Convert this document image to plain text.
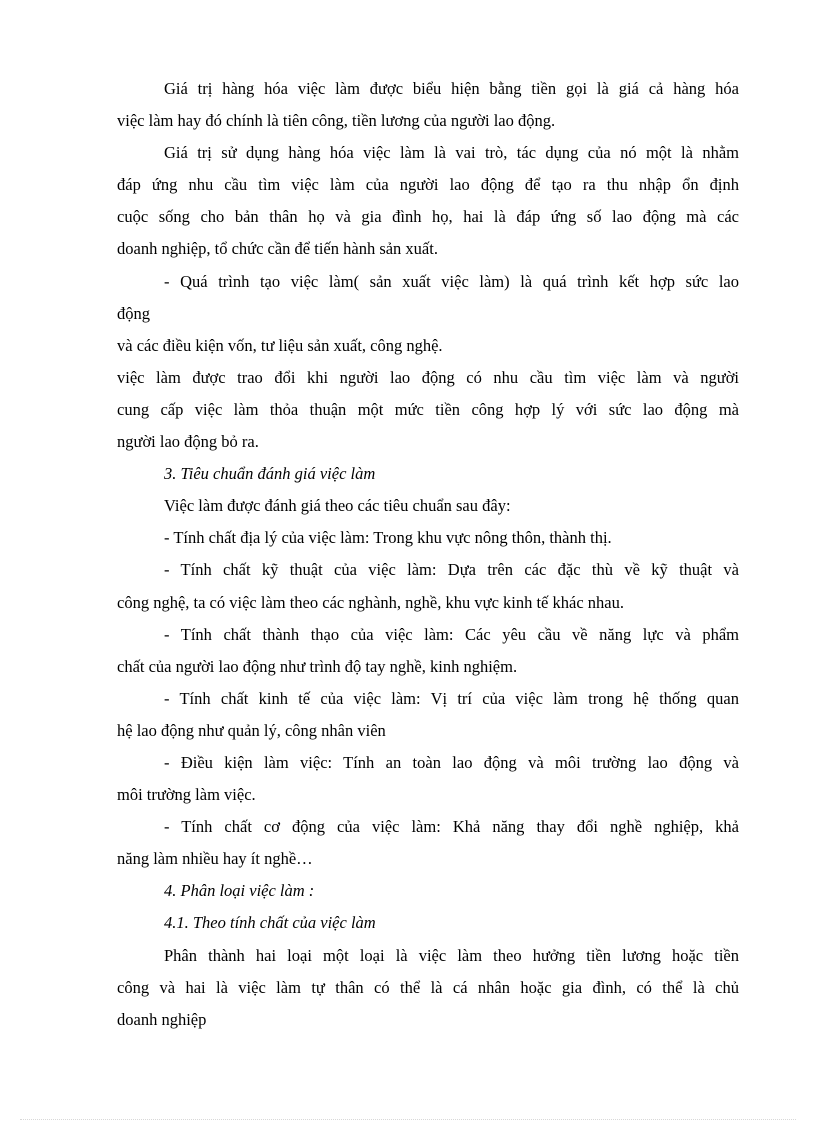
Giá trị hàng hóa việc làm được biểu hiện bằng tiền gọi là giá cả hàng hóa
việc làm hay đó chính là tiên công, tiền lương của người lao động.
Giá trị sử dụng hàng hóa việc làm là vai trò, tác dụng của nó một là nhằm
đáp ứng nhu cầu tìm việc làm của người lao động để tạo ra thu nhập ổn định
cuộc sống cho bản thân họ và gia đình họ, hai là đáp ứng số lao động mà các
doanh nghiệp, tổ chức cần để tiến hành sản xuất.
- Quá trình tạo việc làm( sản xuất việc làm) là quá trình kết hợp sức lao
động
và các điều kiện vốn, tư liệu sản xuất, công nghệ.
việc làm được trao đổi khi người lao động có nhu cầu tìm việc làm và người
cung cấp việc làm thỏa thuận một mức tiền công hợp lý với sức lao động mà
người lao động bỏ ra.
3. Tiêu chuẩn đánh giá việc làm
Việc làm được đánh giá theo các tiêu chuẩn sau đây:
- Tính chất địa lý của việc làm: Trong khu vực nông thôn, thành thị.
- Tính chất kỹ thuật của việc làm: Dựa trên các đặc thù về kỹ thuật và
công nghệ, ta có việc làm theo các nghành, nghề, khu vực kinh tế khác nhau.
- Tính chất thành thạo của việc làm: Các yêu cầu về năng lực và phẩm
chất của người lao động như trình độ tay nghề, kinh nghiệm.
- Tính chất kinh tế của việc làm: Vị trí của việc làm trong hệ thống quan
hệ lao động như quản lý, công nhân viên
- Điều kiện làm việc: Tính an toàn lao động và môi trường lao động và
môi trường làm việc.
- Tính chất cơ động của việc làm: Khả năng thay đổi nghề nghiệp, khả
năng làm nhiều hay ít nghề…
4. Phân loại việc làm :
4.1. Theo tính chất của việc làm
Phân thành hai loại một loại là việc làm theo hưởng tiền lương hoặc tiền
công và hai là việc làm tự thân có thể là cá nhân hoặc gia đình, có thể là chủ
doanh nghiệp
